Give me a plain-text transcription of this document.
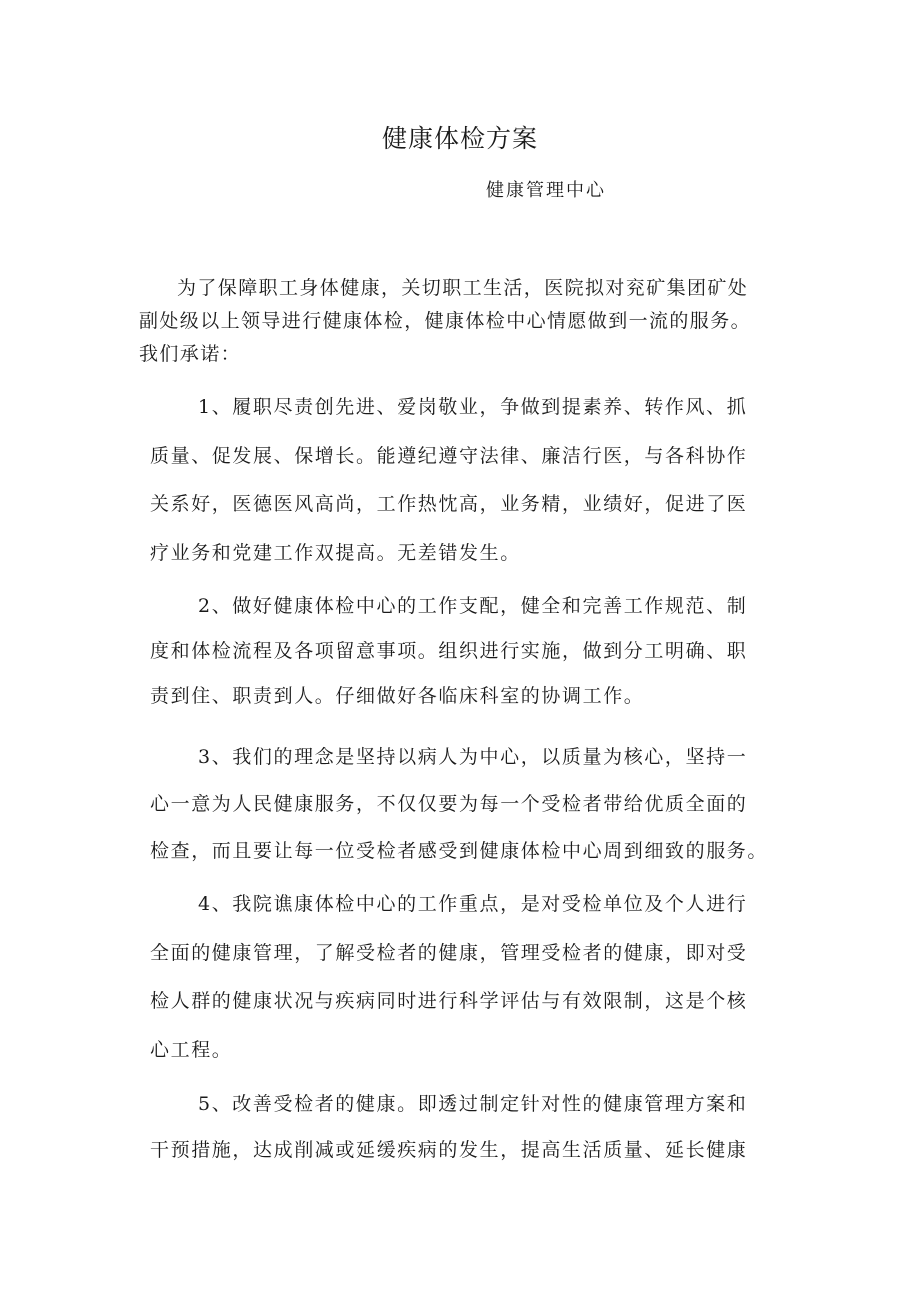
健康体检方案
健康管理中心
为了保障职工身体健康，关切职工生活，医院拟对兖矿集团矿处
副处级以上领导进行健康体检，健康体检中心情愿做到一流的服务。
我们承诺：
1、履职尽责创先进、爱岗敬业，争做到提素养、转作风、抓
质量、促发展、保增长。能遵纪遵守法律、廉洁行医，与各科协作
关系好，医德医风高尚，工作热忱高，业务精，业绩好，促进了医
疗业务和党建工作双提高。无差错发生。
2、做好健康体检中心的工作支配，健全和完善工作规范、制
度和体检流程及各项留意事项。组织进行实施，做到分工明确、职
责到住、职责到人。仔细做好各临床科室的协调工作。
3、我们的理念是坚持以病人为中心，以质量为核心，坚持一
心一意为人民健康服务，不仅仅要为每一个受检者带给优质全面的
检查，而且要让每一位受检者感受到健康体检中心周到细致的服务。
4、我院谯康体检中心的工作重点，是对受检单位及个人进行
全面的健康管理，了解受检者的健康，管理受检者的健康，即对受
检人群的健康状况与疾病同时进行科学评估与有效限制，这是个核
心工程。
5、改善受检者的健康。即透过制定针对性的健康管理方案和
干预措施，达成削减或延缓疾病的发生，提高生活质量、延长健康
